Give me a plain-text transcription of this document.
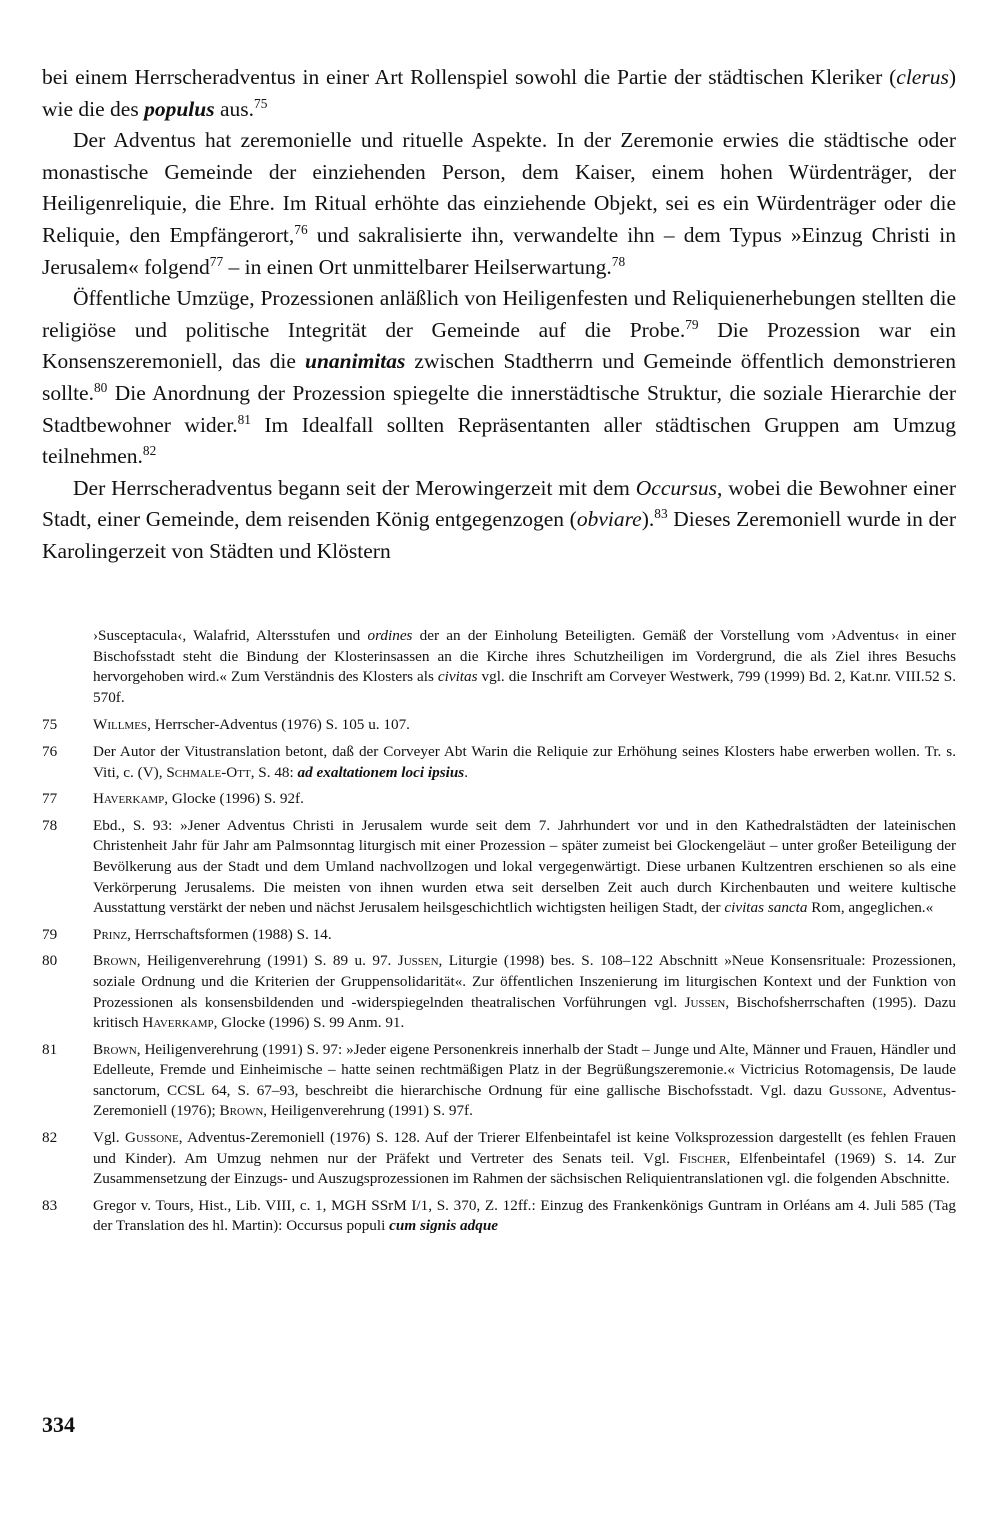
bei einem Herrscheradventus in einer Art Rollenspiel sowohl die Partie der städtischen Kleriker (clerus) wie die des populus aus.$^{75}$

Der Adventus hat zeremonielle und rituelle Aspekte. In der Zeremonie erwies die städtische oder monastische Gemeinde der einziehenden Person, dem Kaiser, einem hohen Würdenträger, der Heiligenreliquie, die Ehre. Im Ritual erhöhte das einziehende Objekt, sei es ein Würdenträger oder die Reliquie, den Empfängerort,$^{76}$ und sakralisierte ihn, verwandelte ihn – dem Typus »Einzug Christi in Jerusalem« folgend$^{77}$ – in einen Ort unmittelbarer Heilserwartung.$^{78}$

Öffentliche Umzüge, Prozessionen anläßlich von Heiligenfesten und Reliquienerhebungen stellten die religiöse und politische Integrität der Gemeinde auf die Probe.$^{79}$ Die Prozession war ein Konsenszeremoniell, das die unanimitas zwischen Stadtherrn und Gemeinde öffentlich demonstrieren sollte.$^{80}$ Die Anordnung der Prozession spiegelte die innerstädtische Struktur, die soziale Hierarchie der Stadtbewohner wider.$^{81}$ Im Idealfall sollten Repräsentanten aller städtischen Gruppen am Umzug teilnehmen.$^{82}$

Der Herrscheradventus begann seit der Merowingerzeit mit dem Occursus, wobei die Bewohner einer Stadt, einer Gemeinde, dem reisenden König entgegenzogen (obviare).$^{83}$ Dieses Zeremoniell wurde in der Karolingerzeit von Städten und Klöstern

›Susceptacula‹, Walafrid, Altersstufen und ordines der an der Einholung Beteiligten. Gemäß der Vorstellung vom ›Adventus‹ in einer Bischofsstadt steht die Bindung der Klosterinsassen an die Kirche ihres Schutzheiligen im Vordergrund, die als Ziel ihres Besuchs hervorgehoben wird.« Zum Verständnis des Klosters als civitas vgl. die Inschrift am Corveyer Westwerk, 799 (1999) Bd. 2, Kat.nr. VIII.52 S. 570f.

75	Willmes, Herrscher-Adventus (1976) S. 105 u. 107.
76	Der Autor der Vitustranslation betont, daß der Corveyer Abt Warin die Reliquie zur Erhöhung seines Klosters habe erwerben wollen. Tr. s. Viti, c. (V), Schmale-Ott, S. 48: ad exaltationem loci ipsius.
77	Haverkamp, Glocke (1996) S. 92f.
78	Ebd., S. 93: »Jener Adventus Christi in Jerusalem wurde seit dem 7. Jahrhundert vor und in den Kathedralstädten der lateinischen Christenheit Jahr für Jahr am Palmsonntag liturgisch mit einer Prozession – später zumeist bei Glockengeläut – unter großer Beteiligung der Bevölkerung aus der Stadt und dem Umland nachvollzogen und lokal vergegenwärtigt. Diese urbanen Kultzentren erschienen so als eine Verkörperung Jerusalems. Die meisten von ihnen wurden etwa seit derselben Zeit auch durch Kirchenbauten und weitere kultische Ausstattung verstärkt der neben und nächst Jerusalem heilsgeschichtlich wichtigsten heiligen Stadt, der civitas sancta Rom, angeglichen.«
79	Prinz, Herrschaftsformen (1988) S. 14.
80	Brown, Heiligenverehrung (1991) S. 89 u. 97. Jussen, Liturgie (1998) bes. S. 108–122 Abschnitt »Neue Konsensrituale: Prozessionen, soziale Ordnung und die Kriterien der Gruppensolidarität«. Zur öffentlichen Inszenierung im liturgischen Kontext und der Funktion von Prozessionen als konsensbildenden und -widerspiegelnden theatralischen Vorführungen vgl. Jussen, Bischofsherrschaften (1995). Dazu kritisch Haverkamp, Glocke (1996) S. 99 Anm. 91.
81	Brown, Heiligenverehrung (1991) S. 97: »Jeder eigene Personenkreis innerhalb der Stadt – Junge und Alte, Männer und Frauen, Händler und Edelleute, Fremde und Einheimische – hatte seinen rechtmäßigen Platz in der Begrüßungszeremonie.« Victricius Rotomagensis, De laude sanctorum, CCSL 64, S. 67–93, beschreibt die hierarchische Ordnung für eine gallische Bischofsstadt. Vgl. dazu Gussone, Adventus-Zeremoniell (1976); Brown, Heiligenverehrung (1991) S. 97f.
82	Vgl. Gussone, Adventus-Zeremoniell (1976) S. 128. Auf der Trierer Elfenbeintafel ist keine Volksprozession dargestellt (es fehlen Frauen und Kinder). Am Umzug nehmen nur der Präfekt und Vertreter des Senats teil. Vgl. Fischer, Elfenbeintafel (1969) S. 14. Zur Zusammensetzung der Einzugs- und Auszugsprozessionen im Rahmen der sächsischen Reliquientranslationen vgl. die folgenden Abschnitte.
83	Gregor v. Tours, Hist., Lib. VIII, c. 1, MGH SSrM I/1, S. 370, Z. 12ff.: Einzug des Frankenkönigs Guntram in Orléans am 4. Juli 585 (Tag der Translation des hl. Martin): Occursus populi cum signis adque
334
